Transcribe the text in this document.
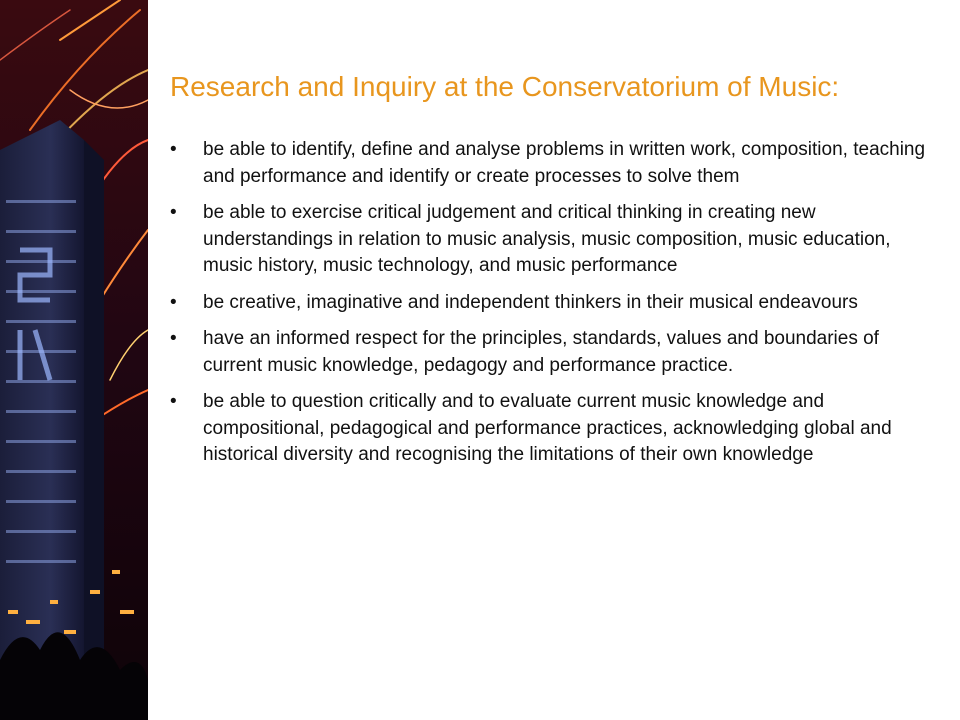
Research and Inquiry at the Conservatorium of Music:
• be able to identify, define and analyse problems in written work, composition, teaching and performance and identify or create processes to solve them
• be able to exercise critical judgement and critical thinking in creating new understandings in relation to music analysis, music composition, music education, music history, music technology, and music performance
• be creative, imaginative and independent thinkers in their musical endeavours
• have an informed respect for the principles, standards, values and boundaries of current music knowledge, pedagogy and performance practice.
• be able to question critically and to evaluate current music knowledge and compositional, pedagogical and performance practices, acknowledging global and historical diversity and recognising the limitations of their own knowledge
